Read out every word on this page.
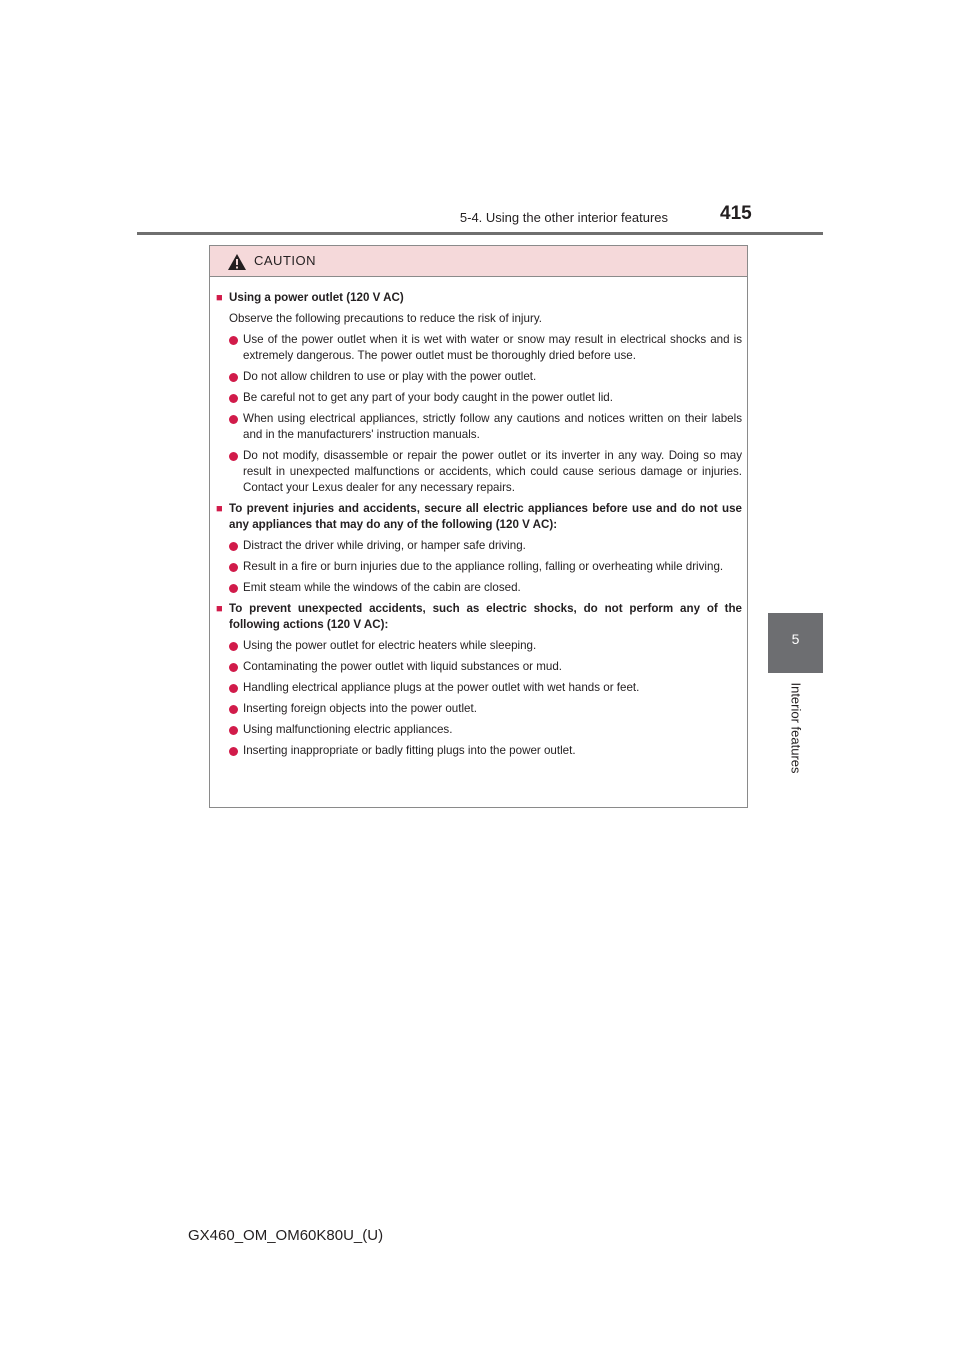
5-4. Using the other interior features	415
5
Interior features
CAUTION
■ Using a power outlet (120 V AC)
Observe the following precautions to reduce the risk of injury.
Use of the power outlet when it is wet with water or snow may result in electrical shocks and is extremely dangerous. The power outlet must be thoroughly dried before use.
Do not allow children to use or play with the power outlet.
Be careful not to get any part of your body caught in the power outlet lid.
When using electrical appliances, strictly follow any cautions and notices written on their labels and in the manufacturers' instruction manuals.
Do not modify, disassemble or repair the power outlet or its inverter in any way. Doing so may result in unexpected malfunctions or accidents, which could cause serious damage or injuries. Contact your Lexus dealer for any necessary repairs.
■ To prevent injuries and accidents, secure all electric appliances before use and do not use any appliances that may do any of the following (120 V AC):
Distract the driver while driving, or hamper safe driving.
Result in a fire or burn injuries due to the appliance rolling, falling or overheating while driving.
Emit steam while the windows of the cabin are closed.
■ To prevent unexpected accidents, such as electric shocks, do not perform any of the following actions (120 V AC):
Using the power outlet for electric heaters while sleeping.
Contaminating the power outlet with liquid substances or mud.
Handling electrical appliance plugs at the power outlet with wet hands or feet.
Inserting foreign objects into the power outlet.
Using malfunctioning electric appliances.
Inserting inappropriate or badly fitting plugs into the power outlet.
GX460_OM_OM60K80U_(U)
